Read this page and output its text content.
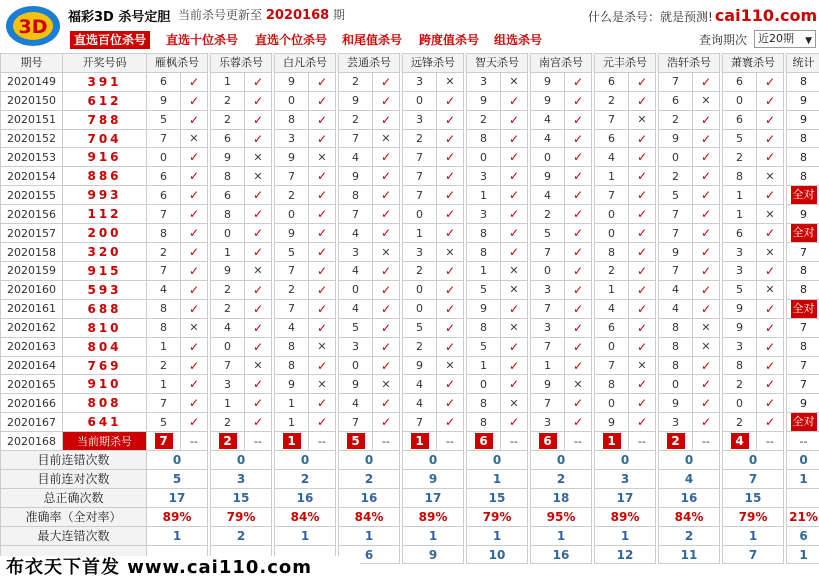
3D 福彩3D 杀号定胆 当前杀号更新至 2020168 期	什么是杀号：就是预测! cai110.com
直选百位杀号	直选十位杀号 直选个位杀号 和尾值杀号 跨度值杀号 组选杀号	查询期次 近20期 ▼
期号	开奖号码	雁枫杀号			乐蓉杀号			白凡杀号			芸通杀号			远锋杀号			智天杀号			南宫杀号			元丰杀号			浩轩杀号			萧寰杀号			统计
2020149	391	6	✓		1	✓		9	✓		2	✓		3	✕		3	✕		9	✓		6	✓		7	✓		6	✓		8
2020150	612	9	✓		2	✓		0	✓		9	✓		0	✓		9	✓		9	✓		2	✓		6	✕		0	✓		9
2020151	788	5	✓		2	✓		8	✓		2	✓		3	✓		2	✓		4	✓		7	✕		2	✓		6	✓		9
2020152	704	7	✕		6	✓		3	✓		7	✕		2	✓		8	✓		4	✓		6	✓		9	✓		5	✓		8
2020153	916	0	✓		9	✕		9	✕		4	✓		7	✓		0	✓		0	✓		4	✓		0	✓		2	✓		8
2020154	886	6	✓		8	✕		7	✓		9	✓		7	✓		3	✓		9	✓		1	✓		2	✓		8	✕		8
2020155	993	6	✓		6	✓		2	✓		8	✓		7	✓		1	✓		4	✓		7	✓		5	✓		1	✓		全对
2020156	112	7	✓		8	✓		0	✓		7	✓		0	✓		3	✓		2	✓		0	✓		7	✓		1	✕		9
2020157	200	8	✓		0	✓		9	✓		4	✓		1	✓		8	✓		5	✓		0	✓		7	✓		6	✓		全对
2020158	320	2	✓		1	✓		5	✓		3	✕		3	✕		8	✓		7	✓		8	✓		9	✓		3	✕		7
2020159	915	7	✓		9	✕		7	✓		4	✓		2	✓		1	✕		0	✓		2	✓		7	✓		3	✓		8
2020160	593	4	✓		2	✓		2	✓		0	✓		0	✓		5	✕		3	✓		1	✓		4	✓		5	✕		8
2020161	688	8	✓		2	✓		7	✓		4	✓		0	✓		9	✓		7	✓		4	✓		4	✓		9	✓		全对
2020162	810	8	✕		4	✓		4	✓		5	✓		5	✓		8	✕		3	✓		6	✓		8	✕		9	✓		7
2020163	804	1	✓		0	✓		8	✕		3	✓		2	✓		5	✓		7	✓		0	✓		8	✕		3	✓		8
2020164	769	2	✓		7	✕		8	✓		0	✓		9	✕		1	✓		1	✓		7	✕		8	✓		8	✓		7
2020165	910	1	✓		3	✓		9	✕		9	✕		4	✓		0	✓		9	✕		8	✓		0	✓		2	✓		7
2020166	808	7	✓		1	✓		1	✓		4	✓		4	✓		8	✕		7	✓		0	✓		9	✓		0	✓		9
2020167	641	5	✓		2	✓		1	✓		7	✓		7	✓		8	✓		3	✓		9	✓		3	✓		2	✓		全对
2020168	当前期杀号	7	--		2	--		1	--		5	--		1	--		6	--		6	--		1	--		2	--		4	--		--
目前连错次数		0			0			0			0			0			0			0			0			0			0			0
目前连对次数		5			3			2			2			9			1			2			3			4			7			1
总正确次数		17			15			16			16			17			15			18			17			16			15			
准确率（全对率）		89%			79%			84%			84%			89%			79%			95%			89%			84%			79%			21%
最大连错次数		1			2			1			1			1			1			1			1			2			1			6
											6			9			10			16			12			11			7			1
布衣天下首发 www.cai110.com
